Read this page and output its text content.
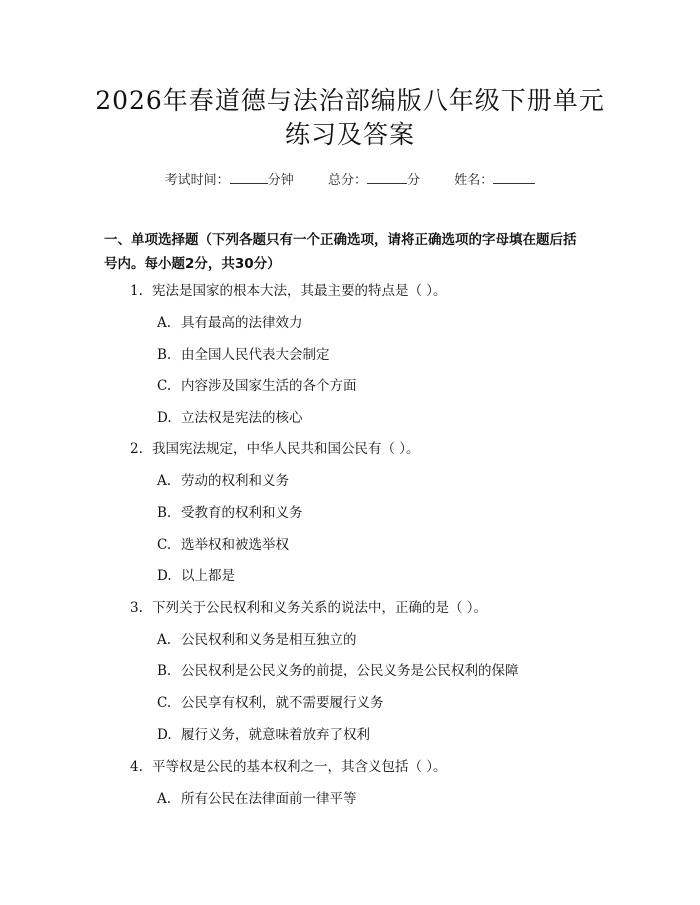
2026年春道德与法治部编版八年级下册单元
练习及答案
考试时间：	分钟	总分：	分	姓名：
一、单项选择题（下列各题只有一个正确选项，请将正确选项的字母填在题后括
号内。每小题2分，共30分）
1. 宪法是国家的根本大法，其最主要的特点是（ ）。
A. 具有最高的法律效力
B. 由全国人民代表大会制定
C. 内容涉及国家生活的各个方面
D. 立法权是宪法的核心
2. 我国宪法规定，中华人民共和国公民有（ ）。
A. 劳动的权利和义务
B. 受教育的权利和义务
C. 选举权和被选举权
D. 以上都是
3. 下列关于公民权利和义务关系的说法中，正确的是（ ）。
A. 公民权利和义务是相互独立的
B. 公民权利是公民义务的前提，公民义务是公民权利的保障
C. 公民享有权利，就不需要履行义务
D. 履行义务，就意味着放弃了权利
4. 平等权是公民的基本权利之一，其含义包括（ ）。
A. 所有公民在法律面前一律平等
